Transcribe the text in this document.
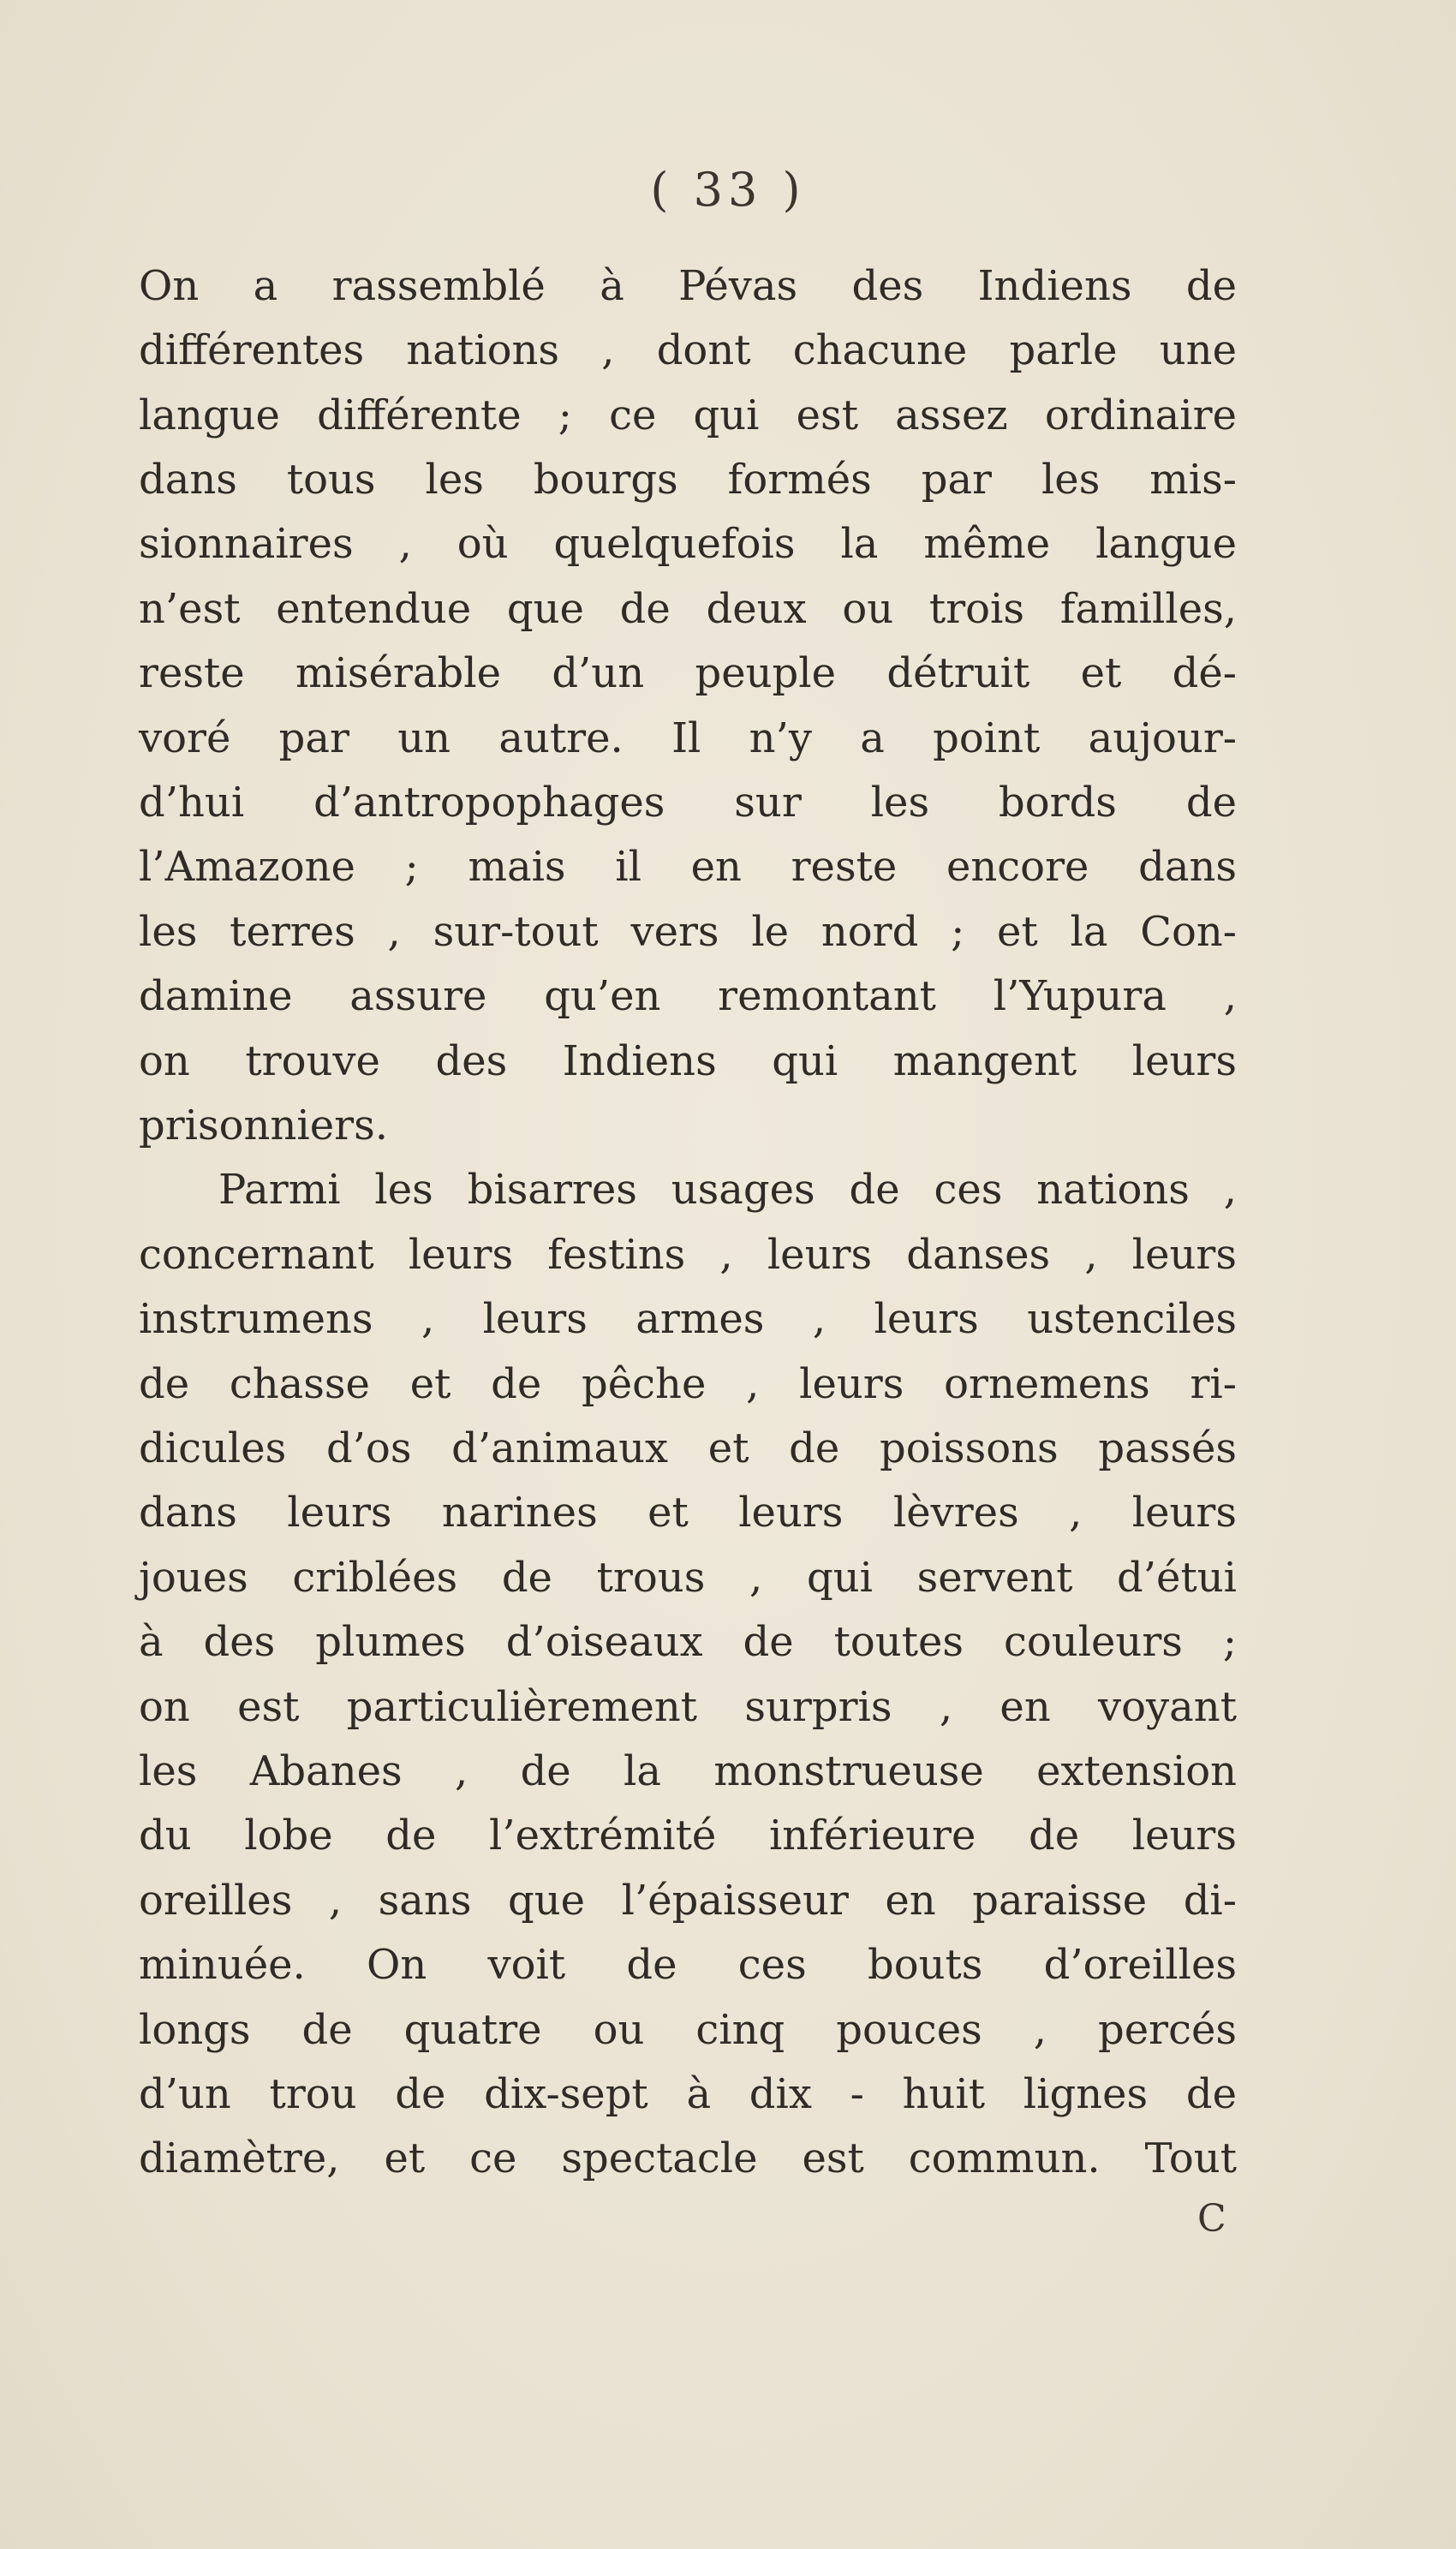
( 33 )
On a rassemblé à Pévas des Indiens de
différentes nations , dont chacune parle une
langue différente ; ce qui est assez ordinaire
dans tous les bourgs formés par les mis-
sionnaires , où quelquefois la même langue
n’est entendue que de deux ou trois familles,
reste misérable d’un peuple détruit et dé-
voré par un autre. Il n’y a point aujour-
d’hui d’antropophages sur les bords de
l’Amazone ; mais il en reste encore dans
les terres , sur-tout vers le nord ; et la Con-
damine assure qu’en remontant l’Yupura ,
on trouve des Indiens qui mangent leurs
prisonniers.
Parmi les bisarres usages de ces nations ,
concernant leurs festins , leurs danses , leurs
instrumens , leurs armes , leurs ustenciles
de chasse et de pêche , leurs ornemens ri-
dicules d’os d’animaux et de poissons passés
dans leurs narines et leurs lèvres , leurs
joues criblées de trous , qui servent d’étui
à des plumes d’oiseaux de toutes couleurs ;
on est particulièrement surpris , en voyant
les Abanes , de la monstrueuse extension
du lobe de l’extrémité inférieure de leurs
oreilles , sans que l’épaisseur en paraisse di-
minuée. On voit de ces bouts d’oreilles
longs de quatre ou cinq pouces , percés
d’un trou de dix-sept à dix - huit lignes de
diamètre, et ce spectacle est commun. Tout
C
